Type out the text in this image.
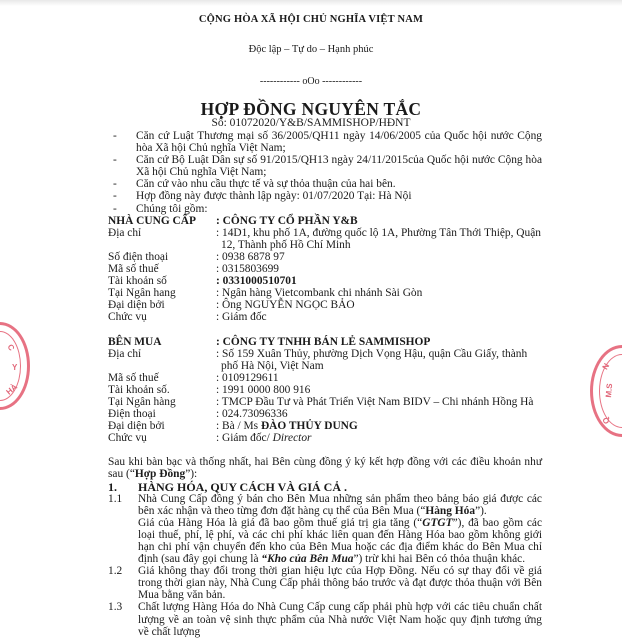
CỘNG HÒA XÃ HỘI CHỦ NGHĨA VIỆT NAM
Độc lập – Tự do – Hạnh phúc
------------ oOo ------------
HỢP ĐỒNG NGUYÊN TẮC
Số: 01072020/Y&B/SAMMISHOP/HĐNT
C
Y
HÀ
N
M.S
Q
- Căn cứ Luật Thương mại số 36/2005/QH11 ngày 14/06/2005 của Quốc hội nước Cộng hòa Xã hội Chủ nghĩa Việt Nam;
- Căn cứ Bộ Luật Dân sự số 91/2015/QH13 ngày 24/11/2015của Quốc hội nước Cộng hòa Xã hội Chủ nghĩa Việt Nam;
- Căn cứ vào nhu cầu thực tế và sự thỏa thuận của hai bên.
- Hợp đồng này được thành lập ngày: 01/07/2020 Tại: Hà Nội
- Chúng tôi gồm:
NHÀ CUNG CẤP	: CÔNG TY CỔ PHẦN Y&B
Địa chỉ	: 14D1, khu phố 1A, đường quốc lộ 1A, Phường Tân Thới Thiệp, Quận 12, Thành phố Hồ Chí Minh
Số điện thoại	: 0938 6878 97
Mã số thuế	: 0315803699
Tài khoản số	: 0331000510701
Tại Ngân hang	: Ngân hàng Vietcombank chi nhánh Sài Gòn
Đại diện bởi	: Ông NGUYỄN NGỌC BẢO
Chức vụ	: Giám đốc
BÊN MUA	: CÔNG TY TNHH BÁN LẺ SAMMISHOP
Địa chỉ	: Số 159 Xuân Thủy, phường Dịch Vọng Hậu, quận Cầu Giấy, thành phố Hà Nội, Việt Nam
Mã số thuế	: 0109129611
Tài khoản số.	: 1991 0000 800 916
Tại Ngân hàng	: TMCP Đầu Tư và Phát Triển Việt Nam BIDV – Chi nhánh Hồng Hà
Điện thoại	: 024.73096336
Đại diện bởi	: Bà / Ms ĐÀO THỦY DUNG
Chức vụ	: Giám đốc/ Director
Sau khi bàn bạc và thống nhất, hai Bên cùng đồng ý ký kết hợp đồng với các điều khoản như sau (“Hợp Đồng”):
1.	HÀNG HÓA, QUY CÁCH VÀ GIÁ CẢ .
1.1	Nhà Cung Cấp đồng ý bán cho Bên Mua những sản phẩm theo bảng báo giá được các bên xác nhận và theo từng đơn đặt hàng cụ thể của Bên Mua (“Hàng Hóa”).
Giá của Hàng Hóa là giá đã bao gồm thuế giá trị gia tăng (“GTGT”), đã bao gồm các loại thuế, phí, lệ phí, và các chi phí khác liên quan đến Hàng Hóa bao gồm không giới hạn chi phí vận chuyển đến kho của Bên Mua hoặc các địa điểm khác do Bên Mua chỉ định (sau đây gọi chung là “Kho của Bên Mua”) trừ khi hai Bên có thỏa thuận khác.
1.2	Giá không thay đổi trong thời gian hiệu lực của Hợp Đồng. Nếu có sự thay đổi về giá trong thời gian này, Nhà Cung Cấp phải thông báo trước và đạt được thỏa thuận với Bên Mua bằng văn bản.
1.3	Chất lượng Hàng Hóa do Nhà Cung Cấp cung cấp phải phù hợp với các tiêu chuẩn chất lượng về an toàn vệ sinh thực phẩm của Nhà nước Việt Nam hoặc quy định tương ứng về chất lượng
